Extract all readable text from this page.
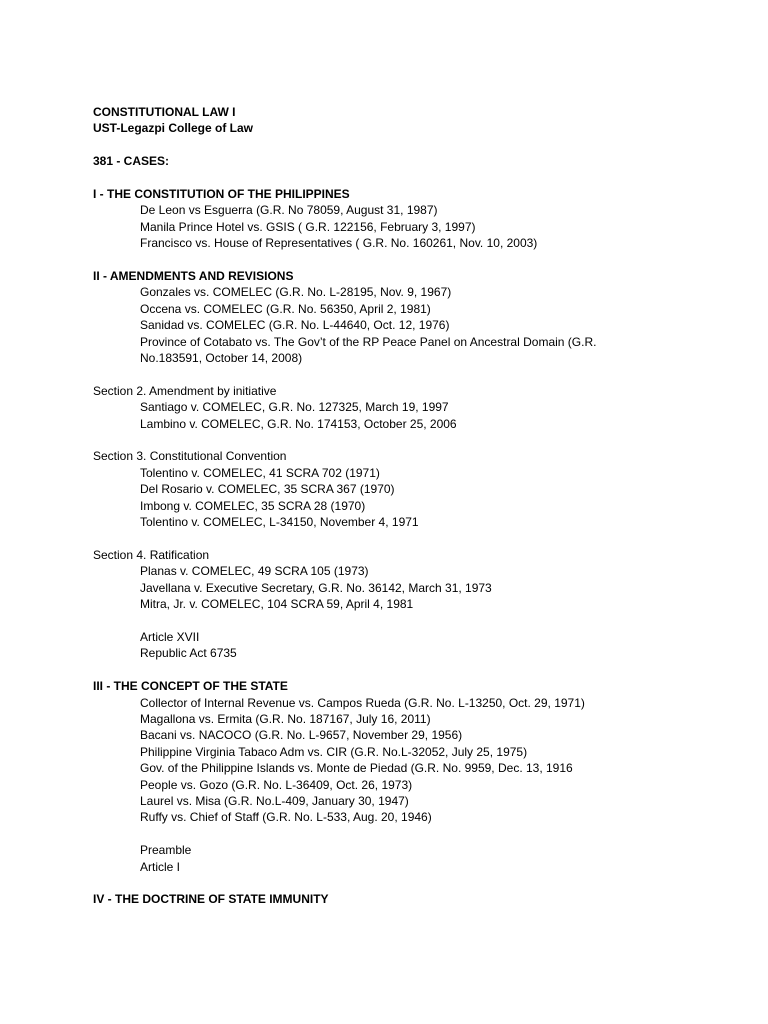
CONSTITUTIONAL LAW I
UST-Legazpi College of Law
381 - CASES:
I - THE CONSTITUTION OF THE PHILIPPINES
De Leon vs Esguerra (G.R. No 78059, August 31, 1987)
Manila Prince Hotel vs. GSIS ( G.R. 122156, February 3, 1997)
Francisco vs. House of Representatives ( G.R. No. 160261, Nov. 10, 2003)
II - AMENDMENTS AND REVISIONS
Gonzales vs. COMELEC (G.R. No. L-28195, Nov. 9, 1967)
Occena vs. COMELEC (G.R. No. 56350, April 2, 1981)
Sanidad vs. COMELEC (G.R. No. L-44640, Oct. 12, 1976)
Province of Cotabato vs. The Gov’t of the RP Peace Panel on Ancestral Domain (G.R. No.183591, October 14, 2008)
Section 2. Amendment by initiative
Santiago v. COMELEC, G.R. No. 127325, March 19, 1997
Lambino v. COMELEC, G.R. No. 174153, October 25, 2006
Section 3. Constitutional Convention
Tolentino v. COMELEC, 41 SCRA 702 (1971)
Del Rosario v. COMELEC, 35 SCRA 367 (1970)
Imbong v. COMELEC, 35 SCRA 28 (1970)
Tolentino v. COMELEC, L-34150, November 4, 1971
Section 4. Ratification
Planas v. COMELEC, 49 SCRA 105 (1973)
Javellana v. Executive Secretary, G.R. No. 36142, March 31, 1973
Mitra, Jr. v. COMELEC, 104 SCRA 59, April 4, 1981
Article XVII
Republic Act 6735
III - THE CONCEPT OF THE STATE
Collector of Internal Revenue vs. Campos Rueda (G.R. No. L-13250, Oct. 29, 1971)
Magallona vs. Ermita (G.R. No. 187167, July 16, 2011)
Bacani vs. NACOCO (G.R. No. L-9657, November 29, 1956)
Philippine Virginia Tabaco Adm vs. CIR (G.R. No.L-32052, July 25, 1975)
Gov. of the Philippine Islands vs. Monte de Piedad (G.R. No. 9959, Dec. 13, 1916
People vs. Gozo (G.R. No. L-36409, Oct. 26, 1973)
Laurel vs. Misa (G.R. No.L-409, January 30, 1947)
Ruffy vs. Chief of Staff (G.R. No. L-533, Aug. 20, 1946)
Preamble
Article I
IV - THE DOCTRINE OF STATE IMMUNITY
